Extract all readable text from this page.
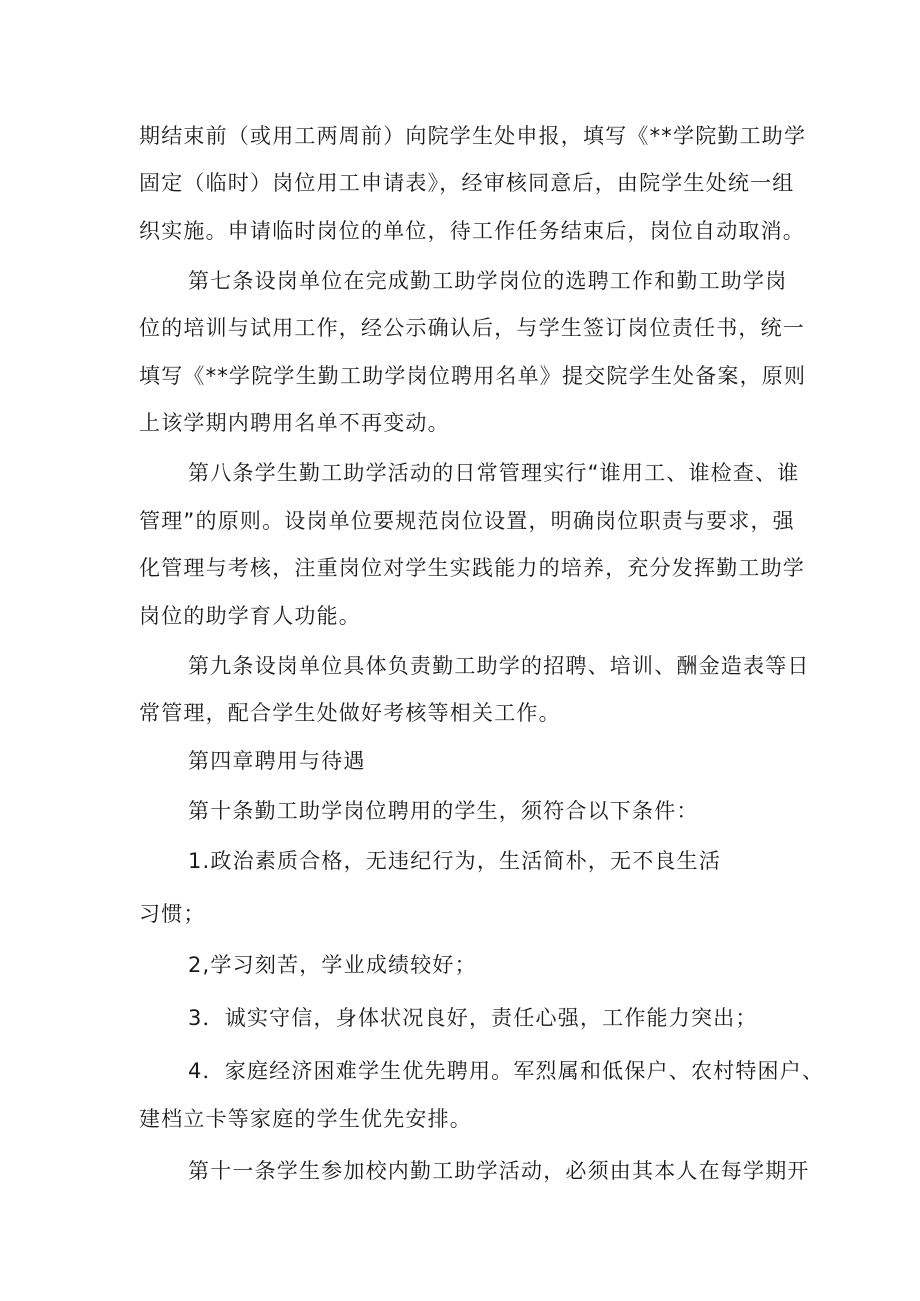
期结束前（或用工两周前）向院学生处申报，填写《**学院勤工助学
固定（临时）岗位用工申请表》，经审核同意后，由院学生处统一组
织实施。申请临时岗位的单位，待工作任务结束后，岗位自动取消。
第七条设岗单位在完成勤工助学岗位的选聘工作和勤工助学岗
位的培训与试用工作，经公示确认后，与学生签订岗位责任书，统一
填写《**学院学生勤工助学岗位聘用名单》提交院学生处备案，原则
上该学期内聘用名单不再变动。
第八条学生勤工助学活动的日常管理实行“谁用工、谁检查、谁
管理”的原则。设岗单位要规范岗位设置，明确岗位职责与要求，强
化管理与考核，注重岗位对学生实践能力的培养，充分发挥勤工助学
岗位的助学育人功能。
第九条设岗单位具体负责勤工助学的招聘、培训、酬金造表等日
常管理，配合学生处做好考核等相关工作。
第四章聘用与待遇
第十条勤工助学岗位聘用的学生，须符合以下条件：
1.政治素质合格，无违纪行为，生活简朴，无不良生活
习惯；
2,学习刻苦，学业成绩较好；
3．诚实守信，身体状况良好，责任心强，工作能力突出；
4．家庭经济困难学生优先聘用。军烈属和低保户、农村特困户、
建档立卡等家庭的学生优先安排。
第十一条学生参加校内勤工助学活动，必须由其本人在每学期开
